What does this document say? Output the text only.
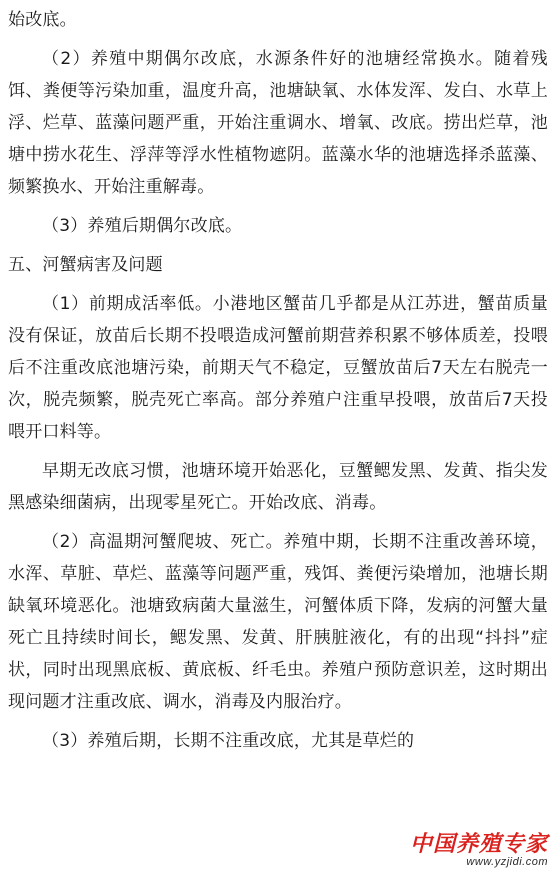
始改底。

（2）养殖中期偶尔改底，水源条件好的池塘经常换水。随着残饵、粪便等污染加重，温度升高，池塘缺氧、水体发浑、发白、水草上浮、烂草、蓝藻问题严重，开始注重调水、增氧、改底。捞出烂草，池塘中捞水花生、浮萍等浮水性植物遮阴。蓝藻水华的池塘选择杀蓝藻、频繁换水、开始注重解毒。

（3）养殖后期偶尔改底。

五、河蟹病害及问题

（1）前期成活率低。小港地区蟹苗几乎都是从江苏进，蟹苗质量没有保证，放苗后长期不投喂造成河蟹前期营养积累不够体质差，投喂后不注重改底池塘污染，前期天气不稳定，豆蟹放苗后7天左右脱壳一次，脱壳频繁，脱壳死亡率高。部分养殖户注重早投喂，放苗后7天投喂开口料等。

早期无改底习惯，池塘环境开始恶化，豆蟹鳃发黑、发黄、指尖发黑感染细菌病，出现零星死亡。开始改底、消毒。

（2）高温期河蟹爬坡、死亡。养殖中期，长期不注重改善环境，水浑、草脏、草烂、蓝藻等问题严重，残饵、粪便污染增加，池塘长期缺氧环境恶化。池塘致病菌大量滋生，河蟹体质下降，发病的河蟹大量死亡且持续时间长，鳃发黑、发黄、肝胰脏液化，有的出现“抖抖”症状，同时出现黑底板、黄底板、纤毛虫。养殖户预防意识差，这时期出现问题才注重改底、调水，消毒及内服治疗。

（3）养殖后期，长期不注重改底，尤其是草烂的

中国养殖专家
www.yzjidi.com
